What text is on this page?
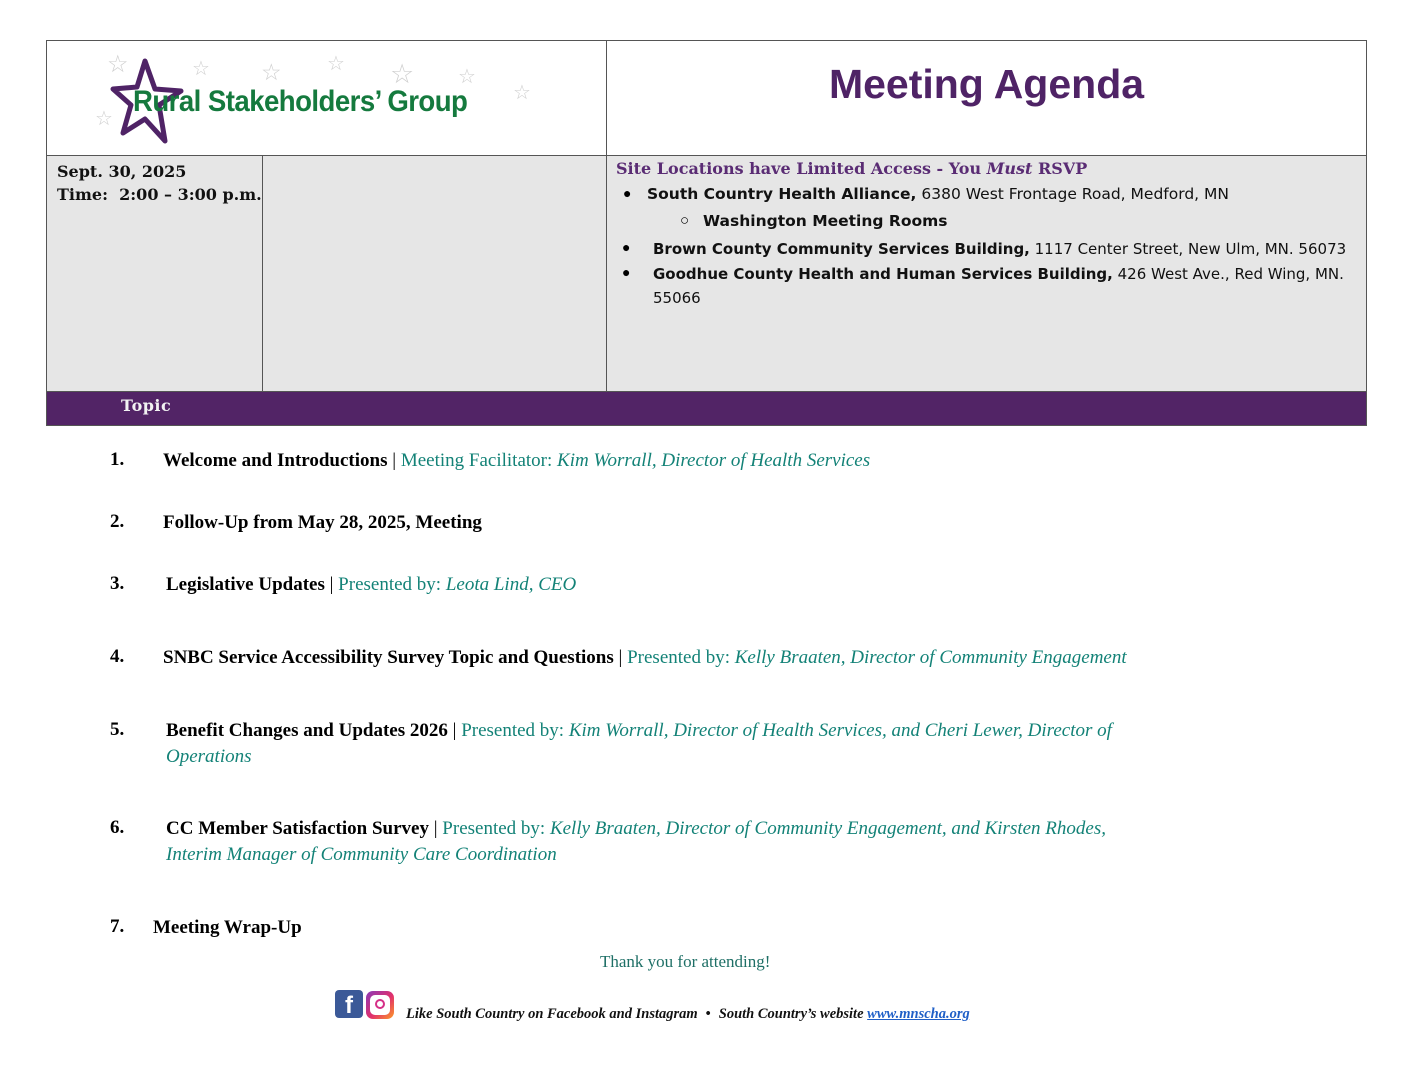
☆	☆ ☆ ☆ ☆ ☆
☆
☆
Rural Stakeholders’ Group	Meeting Agenda
Sept. 30, 2025
Time:  2:00 – 3:00 p.m.
Site Locations have Limited Access - You Must RSVP
● South Country Health Alliance, 6380 West Frontage Road, Medford, MN
○ Washington Meeting Rooms
● Brown County Community Services Building, 1117 Center Street, New Ulm, MN. 56073
● Goodhue County Health and Human Services Building, 426 West Ave., Red Wing, MN.
55066
Topic
1. Welcome and Introductions | Meeting Facilitator: Kim Worrall, Director of Health Services
2. Follow-Up from May 28, 2025, Meeting
3. Legislative Updates | Presented by: Leota Lind, CEO
4. SNBC Service Accessibility Survey Topic and Questions | Presented by: Kelly Braaten, Director of Community Engagement
5. Benefit Changes and Updates 2026 | Presented by: Kim Worrall, Director of Health Services, and Cheri Lewer, Director of
Operations
6. CC Member Satisfaction Survey | Presented by: Kelly Braaten, Director of Community Engagement, and Kirsten Rhodes,
Interim Manager of Community Care Coordination
7. Meeting Wrap-Up
Thank you for attending!
f	Like South Country on Facebook and Instagram • South Country’s website www.mnscha.org
